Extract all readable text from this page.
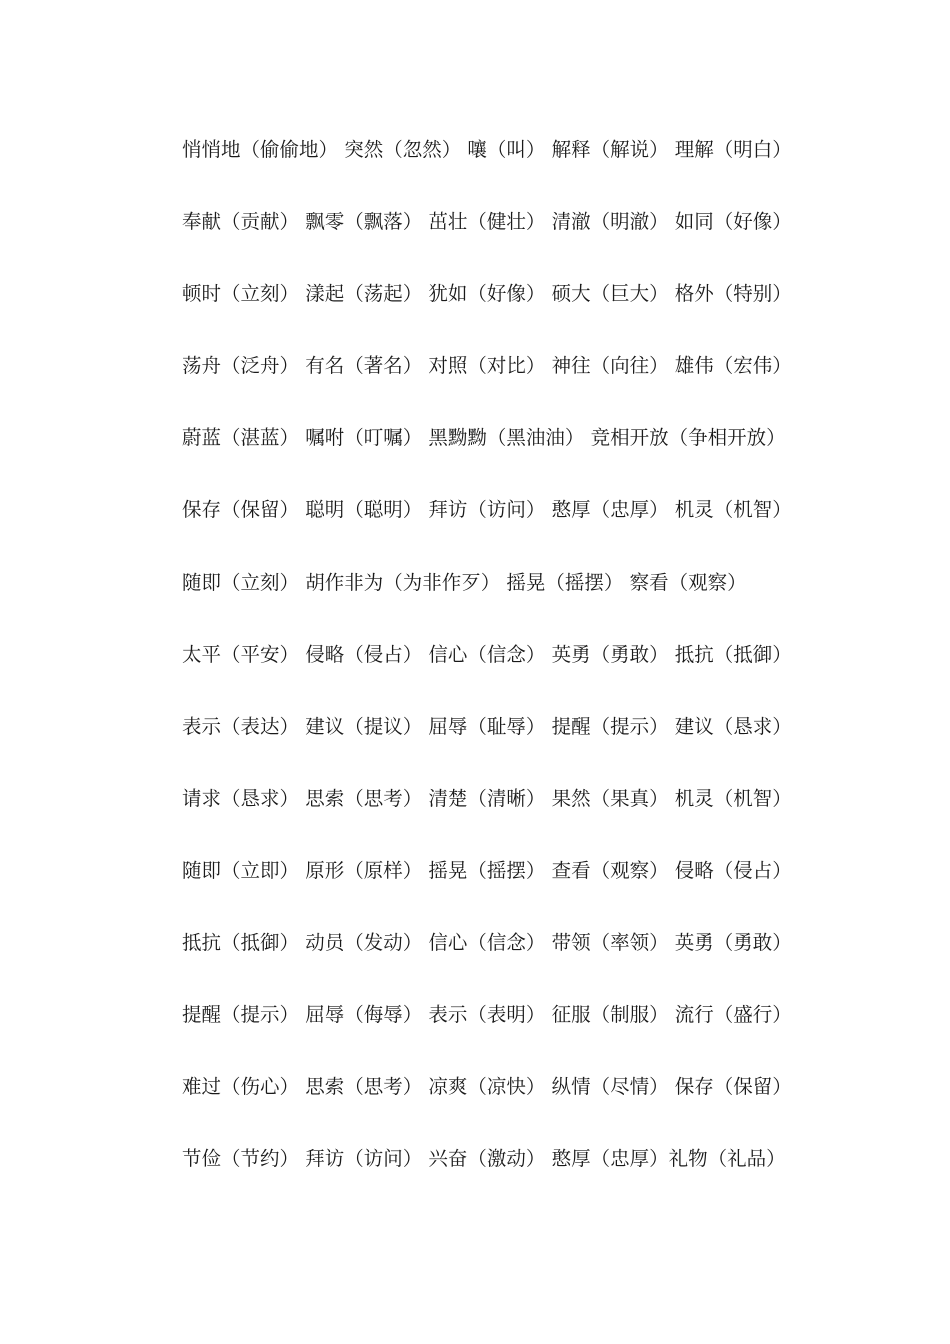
悄悄地（偷偷地） 突然（忽然） 嚷（叫） 解释（解说） 理解（明白）
奉献（贡献） 飘零（飘落） 茁壮（健壮） 清澈（明澈） 如同（好像）
顿时（立刻） 漾起（荡起） 犹如（好像） 硕大（巨大） 格外（特别）
荡舟（泛舟） 有名（著名） 对照（对比） 神往（向往） 雄伟（宏伟）
蔚蓝（湛蓝） 嘱咐（叮嘱） 黑黝黝（黑油油） 竞相开放（争相开放）
保存（保留） 聪明（聪明） 拜访（访问） 憨厚（忠厚） 机灵（机智）
随即（立刻） 胡作非为（为非作歹） 摇晃（摇摆） 察看（观察）
太平（平安） 侵略（侵占） 信心（信念） 英勇（勇敢） 抵抗（抵御）
表示（表达） 建议（提议） 屈辱（耻辱） 提醒（提示） 建议（恳求）
请求（恳求） 思索（思考） 清楚（清晰） 果然（果真） 机灵（机智）
随即（立即） 原形（原样） 摇晃（摇摆） 查看（观察） 侵略（侵占）
抵抗（抵御） 动员（发动） 信心（信念） 带领（率领） 英勇（勇敢）
提醒（提示） 屈辱（侮辱） 表示（表明） 征服（制服） 流行（盛行）
难过（伤心） 思索（思考） 凉爽（凉快） 纵情（尽情） 保存（保留）
节俭（节约） 拜访（访问） 兴奋（激动） 憨厚（忠厚）礼物（礼品）
